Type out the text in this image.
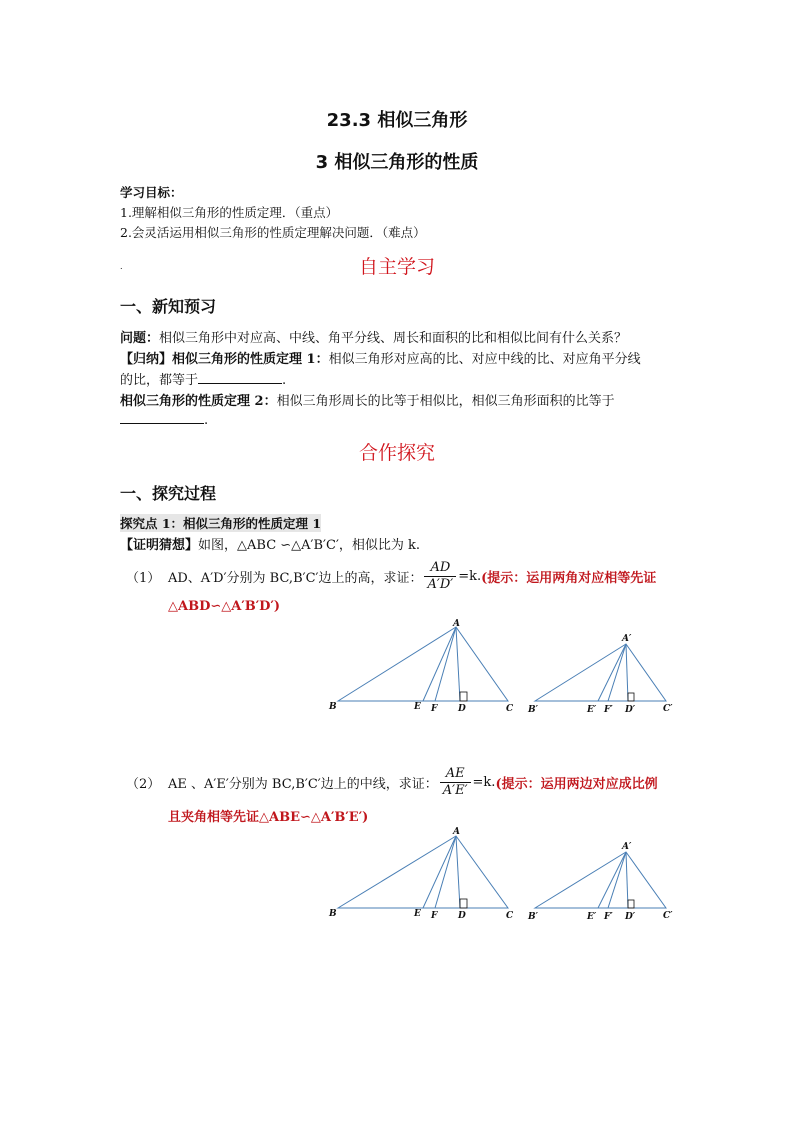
23.3 相似三角形
3 相似三角形的性质
学习目标：
1.理解相似三角形的性质定理．（重点）
2.会灵活运用相似三角形的性质定理解决问题．（难点）
.	自主学习
一、新知预习
问题：相似三角形中对应高、中线、角平分线、周长和面积的比和相似比间有什么关系？
【归纳】相似三角形的性质定理 1：相似三角形对应高的比、对应中线的比、对应角平分线
的比，都等于	.
相似三角形的性质定理 2：相似三角形周长的比等于相似比，相似三角形面积的比等于
.
合作探究
一、探究过程
探究点 1：相似三角形的性质定理 1
【证明猜想】如图，△ABC ∽△A′B′C′，相似比为 k.
（1） AD、A′D′分别为 BC,B′C′边上的高，求证： $\frac{AD}{A'D'} =k$. (提示：运用两角对应相等先证
△ABD∽△A′B′D′)
A
B	E F D	C
A′
B′	E′ F′ D′	C′
（2） AE 、A′E′分别为 BC,B′C′边上的中线，求证： $\frac{AE}{A'E'} =k$. (提示：运用两边对应成比例
且夹角相等先证△ABE∽△A′B′E′)
A
B	E F D	C
A′
B′	E′ F′ D′	C′
